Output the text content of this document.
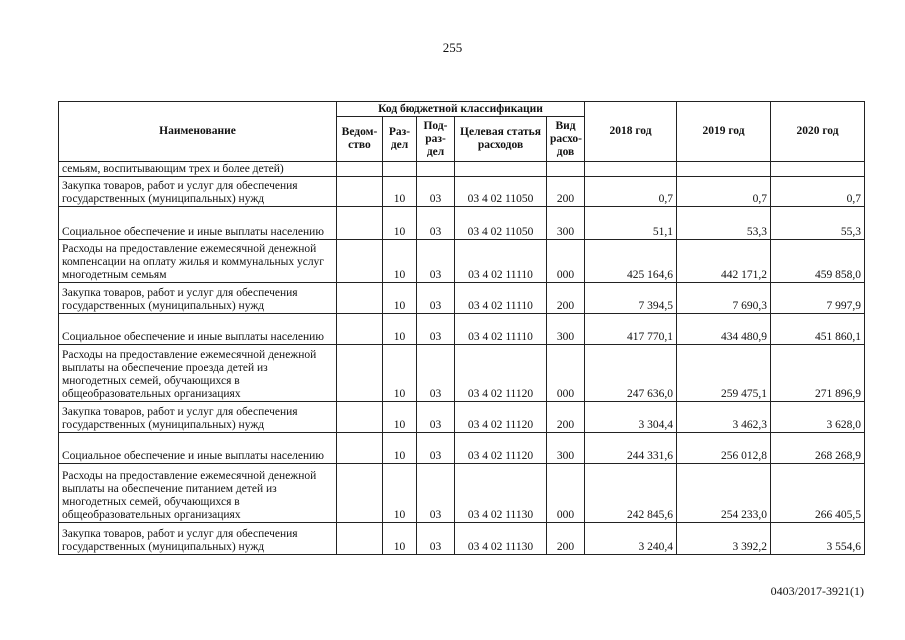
255
Наименование	Код бюджетной классификации					2018 год	2019 год	2020 год
	Ведом-ство	Раз-дел	Под-раз-дел	Целевая статья расходов	Вид расхо-дов			
семьям, воспитывающим трех и более детей)								
Закупка товаров, работ и услуг для обеспечения государственных (муниципальных) нужд		10	03	03 4 02 11050	200	0,7	0,7	0,7
Социальное обеспечение и иные выплаты населению		10	03	03 4 02 11050	300	51,1	53,3	55,3
Расходы на предоставление ежемесячной денежной компенсации на оплату жилья и коммунальных услуг многодетным семьям		10	03	03 4 02 11110	000	425 164,6	442 171,2	459 858,0
Закупка товаров, работ и услуг для обеспечения государственных (муниципальных) нужд		10	03	03 4 02 11110	200	7 394,5	7 690,3	7 997,9
Социальное обеспечение и иные выплаты населению		10	03	03 4 02 11110	300	417 770,1	434 480,9	451 860,1
Расходы на предоставление ежемесячной денежной выплаты на обеспечение проезда детей из многодетных семей, обучающихся в общеобразовательных организациях		10	03	03 4 02 11120	000	247 636,0	259 475,1	271 896,9
Закупка товаров, работ и услуг для обеспечения государственных (муниципальных) нужд		10	03	03 4 02 11120	200	3 304,4	3 462,3	3 628,0
Социальное обеспечение и иные выплаты населению		10	03	03 4 02 11120	300	244 331,6	256 012,8	268 268,9
Расходы на предоставление ежемесячной денежной выплаты на обеспечение питанием детей из многодетных семей, обучающихся в общеобразовательных организациях		10	03	03 4 02 11130	000	242 845,6	254 233,0	266 405,5
Закупка товаров, работ и услуг для обеспечения государственных (муниципальных) нужд		10	03	03 4 02 11130	200	3 240,4	3 392,2	3 554,6
0403/2017-3921(1)
